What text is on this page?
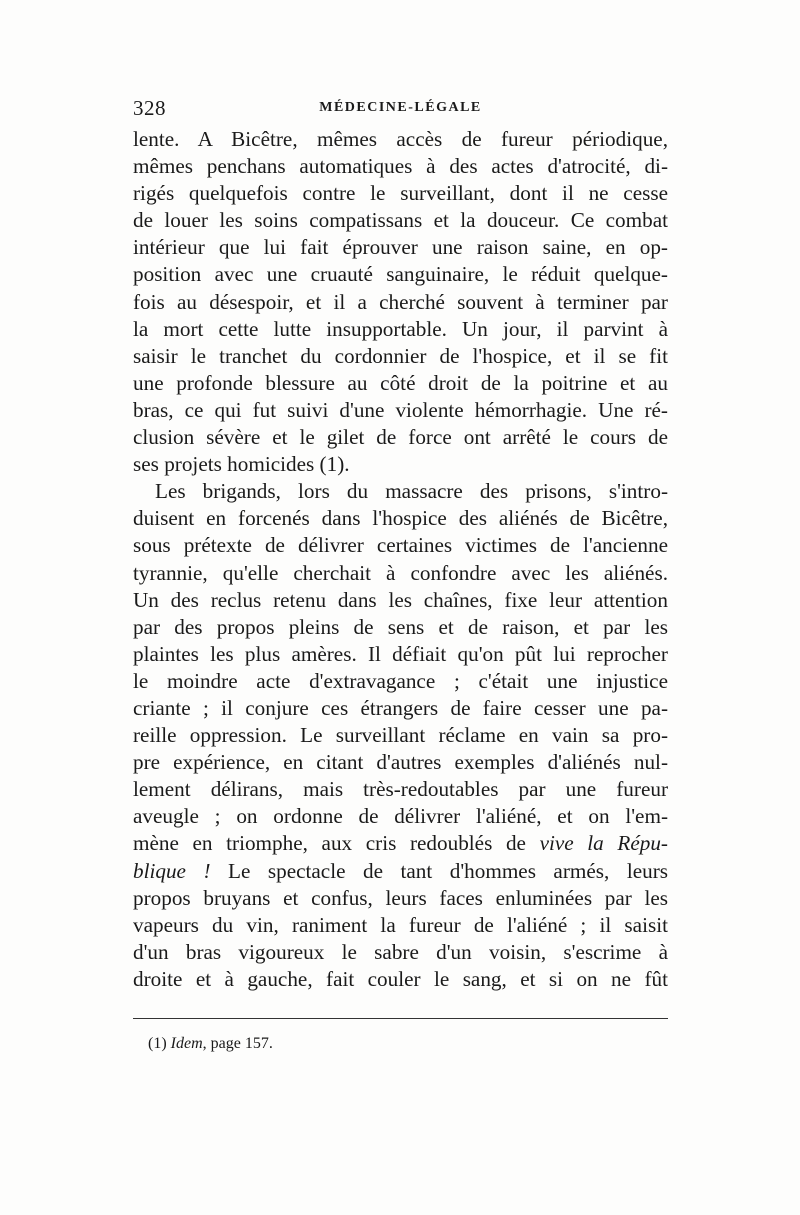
328	MÉDECINE-LÉGALE
lente. A Bicêtre, mêmes accès de fureur périodique,
mêmes penchans automatiques à des actes d'atrocité, di-
rigés quelquefois contre le surveillant, dont il ne cesse
de louer les soins compatissans et la douceur. Ce combat
intérieur que lui fait éprouver une raison saine, en op-
position avec une cruauté sanguinaire, le réduit quelque-
fois au désespoir, et il a cherché souvent à terminer par
la mort cette lutte insupportable. Un jour, il parvint à
saisir le tranchet du cordonnier de l'hospice, et il se fit
une profonde blessure au côté droit de la poitrine et au
bras, ce qui fut suivi d'une violente hémorrhagie. Une ré-
clusion sévère et le gilet de force ont arrêté le cours de
ses projets homicides (1).
Les brigands, lors du massacre des prisons, s'intro-
duisent en forcenés dans l'hospice des aliénés de Bicêtre,
sous prétexte de délivrer certaines victimes de l'ancienne
tyrannie, qu'elle cherchait à confondre avec les aliénés.
Un des reclus retenu dans les chaînes, fixe leur attention
par des propos pleins de sens et de raison, et par les
plaintes les plus amères. Il défiait qu'on pût lui reprocher
le moindre acte d'extravagance ; c'était une injustice
criante ; il conjure ces étrangers de faire cesser une pa-
reille oppression. Le surveillant réclame en vain sa pro-
pre expérience, en citant d'autres exemples d'aliénés nul-
lement délirans, mais très-redoutables par une fureur
aveugle ; on ordonne de délivrer l'aliéné, et on l'em-
mène en triomphe, aux cris redoublés de vive la Répu-
blique ! Le spectacle de tant d'hommes armés, leurs
propos bruyans et confus, leurs faces enluminées par les
vapeurs du vin, raniment la fureur de l'aliéné ; il saisit
d'un bras vigoureux le sabre d'un voisin, s'escrime à
droite et à gauche, fait couler le sang, et si on ne fût
(1) Idem, page 157.
